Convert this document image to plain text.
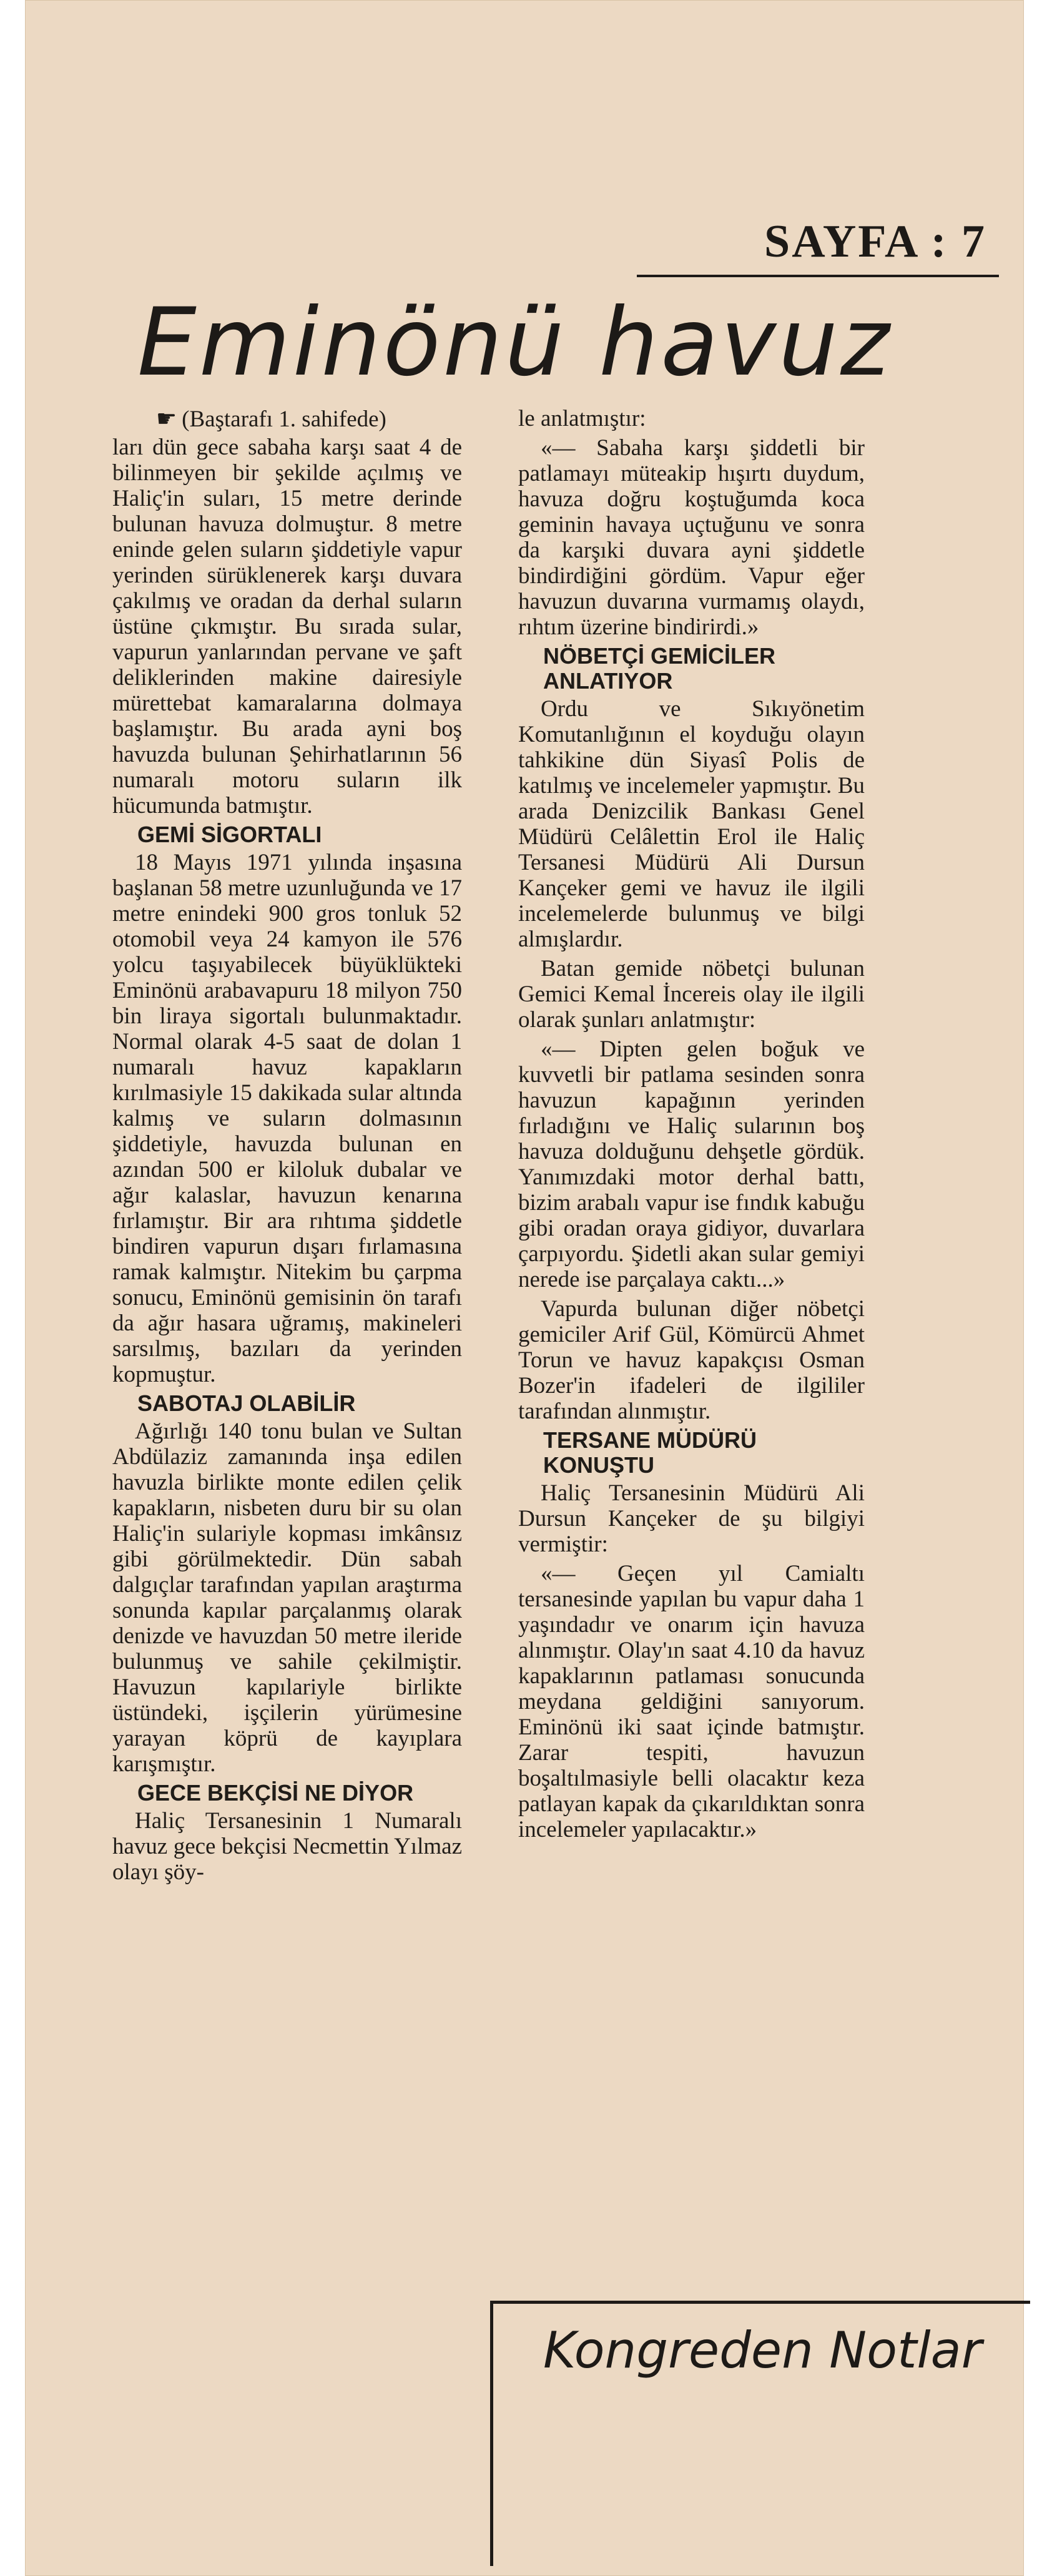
SAYFA : 7
Eminönü havuz
☛ (Baştarafı 1. sahifede)

ları dün gece sabaha karşı saat 4 de bilinmeyen bir şekilde açılmış ve Haliç'in suları, 15 metre derinde bulunan havuza dolmuştur. 8 metre eninde gelen suların şiddetiyle vapur yerinden sürüklenerek karşı duvara çakılmış ve oradan da derhal suların üstüne çıkmıştır. Bu sırada sular, vapurun yanlarından pervane ve şaft deliklerinden makine dairesiyle mürettebat kamaralarına dolmaya başlamıştır. Bu arada ayni boş havuzda bulunan Şehirhatlarının 56 numaralı motoru suların ilk hücumunda batmıştır.

GEMİ SİGORTALI

18 Mayıs 1971 yılında inşasına başlanan 58 metre uzunluğunda ve 17 metre enindeki 900 gros tonluk 52 otomobil veya 24 kamyon ile 576 yolcu taşıyabilecek büyüklükteki Eminönü arabavapuru 18 milyon 750 bin liraya sigortalı bulunmaktadır. Normal olarak 4-5 saat de dolan 1 numaralı havuz kapakların kırılmasiyle 15 dakikada sular altında kalmış ve suların dolmasının şiddetiyle, havuzda bulunan en azından 500 er kiloluk dubalar ve ağır kalaslar, havuzun kenarına fırlamıştır. Bir ara rıhtıma şiddetle bindiren vapurun dışarı fırlamasına ramak kalmıştır. Nitekim bu çarpma sonucu, Eminönü gemisinin ön tarafı da ağır hasara uğramış, makineleri sarsılmış, bazıları da yerinden kopmuştur.

SABOTAJ OLABİLİR

Ağırlığı 140 tonu bulan ve Sultan Abdülaziz zamanında inşa edilen havuzla birlikte monte edilen çelik kapakların, nisbeten duru bir su olan Haliç'in sulariyle kopması imkânsız gibi görülmektedir. Dün sabah dalgıçlar tarafından yapılan araştırma sonunda kapılar parçalanmış olarak denizde ve havuzdan 50 metre ileride bulunmuş ve sahile çekilmiştir. Havuzun kapılariyle birlikte üstündeki, işçilerin yürümesine yarayan köprü de kayıplara karışmıştır.

GECE BEKÇİSİ NE DİYOR

Haliç Tersanesinin 1 Numaralı havuz gece bekçisi Necmettin Yılmaz olayı şöy-

le anlatmıştır:

«— Sabaha karşı şiddetli bir patlamayı müteakip hışırtı duydum, havuza doğru koştuğumda koca geminin havaya uçtuğunu ve sonra da karşıki duvara ayni şiddetle bindirdiğini gördüm. Vapur eğer havuzun duvarına vurmamış olaydı, rıhtım üzerine bindirirdi.»

NÖBETÇİ GEMİCİLER ANLATIYOR

Ordu ve Sıkıyönetim Komutanlığının el koyduğu olayın tahkikine dün Siyasî Polis de katılmış ve incelemeler yapmıştır. Bu arada Denizcilik Bankası Genel Müdürü Celâlettin Erol ile Haliç Tersanesi Müdürü Ali Dursun Kançeker gemi ve havuz ile ilgili incelemelerde bulunmuş ve bilgi almışlardır.

Batan gemide nöbetçi bulunan Gemici Kemal İncereis olay ile ilgili olarak şunları anlatmıştır:

«— Dipten gelen boğuk ve kuvvetli bir patlama sesinden sonra havuzun kapağının yerinden fırladığını ve Haliç sularının boş havuza dolduğunu dehşetle gördük. Yanımızdaki motor derhal battı, bizim arabalı vapur ise fındık kabuğu gibi oradan oraya gidiyor, duvarlara çarpıyordu. Şidetli akan sular gemiyi nerede ise parçalaya caktı...»

Vapurda bulunan diğer nöbetçi gemiciler Arif Gül, Kömürcü Ahmet Torun ve havuz kapakçısı Osman Bozer'in ifadeleri de ilgililer tarafından alınmıştır.

TERSANE MÜDÜRÜ KONUŞTU

Haliç Tersanesinin Müdürü Ali Dursun Kançeker de şu bilgiyi vermiştir:

«— Geçen yıl Camialtı tersanesinde yapılan bu vapur daha 1 yaşındadır ve onarım için havuza alınmıştır. Olay'ın saat 4.10 da havuz kapaklarının patlaması sonucunda meydana geldiğini sanıyorum. Eminönü iki saat içinde batmıştır. Zarar tespiti, havuzun boşaltılmasiyle belli olacaktır keza patlayan kapak da çıkarıldıktan sonra incelemeler yapılacaktır.»

Kongreden Notlar
